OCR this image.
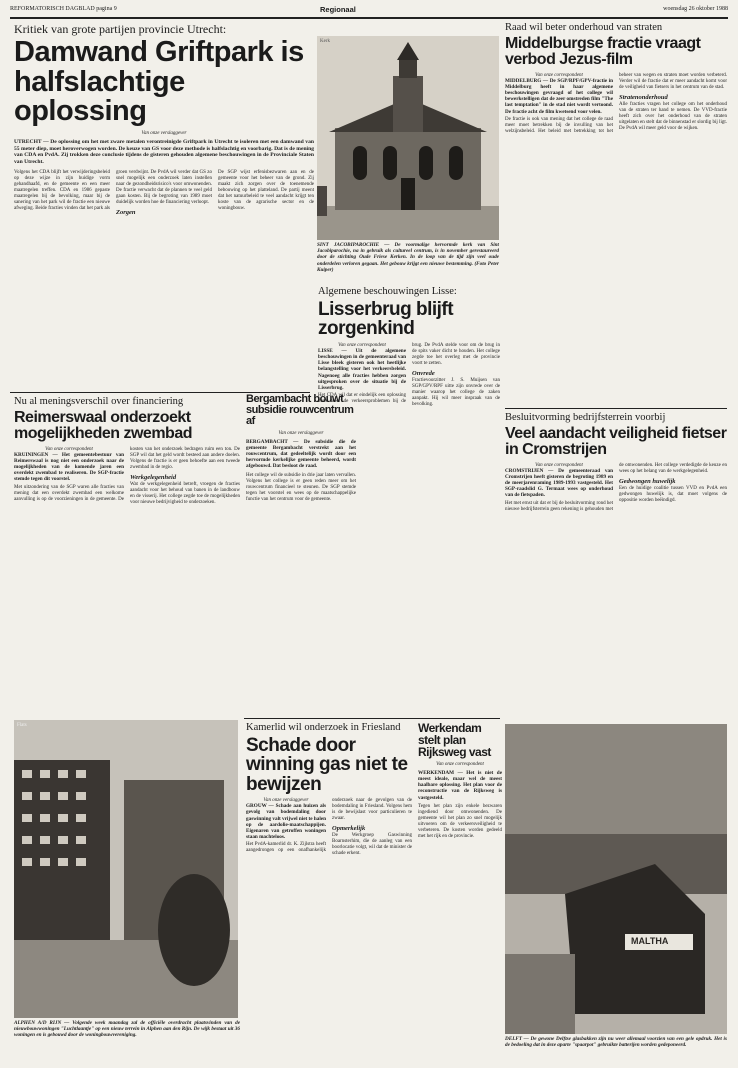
REFORMATORISCH DAGBLAD pagina 9	Regionaal	woensdag 26 oktober 1988
Kritiek van grote partijen provincie Utrecht:
Damwand Griftpark is halfslachtige oplossing
Van onze verslaggever
UTRECHT — De oplossing om het met zware metalen verontreinigde Griftpark in Utrecht te isoleren met een damwand van 55 meter diep, moet heroverwogen worden. De keuze van GS voor deze methode is halfslachtig en voorbarig. Dat is de mening van CDA en PvdA. Zij trokken deze conclusie tijdens de gisteren gehouden algemene beschouwingen in de Provinciale Staten van Utrecht.
Volgens het CDA blijft het verwijderingsbeleid op deze wijze in zijn huidige vorm gehandhaafd, en de gemeente en een meer maatregelen treffen. CDA en 1986 gepaste maatregelen bij de bevolking, maar bij de sanering van het park wil de fractie een nieuwe afweging. Beide fracties vinden dat het park als groen verdwijnt. De PvdA wil verder dat GS zo snel mogelijk een onderzoek laten instellen naar de gezondheidsrisico's voor omwonenden. De fractie verwacht dat de plannen te veel geld gaan kosten. Bij de begroting van 1989 moet duidelijk worden hoe de financiering verloopt.
Zorgen
De SGP wijst erfenisbezwaren aan en de gemeente voor het beheer van de grond. Zij maakt zich zorgen over de toenemende bebouwing op het platteland. De partij meent dat het natuurbeleid te veel aandacht krijgt ten koste van de agrarische sector en de woningbouw.
Kerk
SINT JACOBIPAROCHIE — De voormalige hervormde kerk van Sint Jacobiparochie, na in gebruik als cultureel centrum, is in november gerestaureerd door de stichting Oude Friese Kerken. In de loop van de tijd zijn veel oude onderdelen verloren gegaan. Het gebouw krijgt een nieuwe bestemming. (Foto Peter Kuiper)
Raad wil beter onderhoud van straten
Middelburgse fractie vraagt verbod Jezus-film
Van onze correspondent
MIDDELBURG — De SGP/RPF/GPV-fractie in Middelburg heeft in haar algemene beschouwingen gevraagd of het college wil bewerkstelligen dat de zeer omstreden film "The last temptation" in de stad niet wordt vertoond. De fractie acht de film kwetsend voor velen.
De fractie is ook van mening dat het college de raad meer moet betrekken bij de invulling van het welzijnsbeleid. Het beleid met betrekking tot het beheer van wegen en straten moet worden verbeterd. Verder wil de fractie dat er meer aandacht komt voor de veiligheid van fietsers in het centrum van de stad.
Stratenonderhoud
Alle fracties vragen het college om het onderhoud van de straten ter hand te nemen. De VVD-fractie heeft zich over het onderhoud van de straten uitgelaten en stelt dat de binnenstad er slordig bij ligt. De PvdA wil meer geld voor de wijken.
Nu al meningsverschil over financiering
Reimerswaal onderzoekt mogelijkheden zwembad
Van onze correspondent
KRUININGEN — Het gemeentebestuur van Reimerswaal is nog niet een onderzoek naar de mogelijkheden van de komende jaren een overdekt zwembad te realiseren. De SGP-fractie stemde tegen dit voorstel.
Met uitzondering van de SGP waren alle fracties van mening dat een overdekt zwembad een welkome aanvulling is op de voorzieningen in de gemeente. De kosten van het onderzoek bedragen ruim een ton. De SGP wil dat het geld wordt besteed aan andere doelen. Volgens de fractie is er geen behoefte aan een tweede zwembad in de regio.
Werkgelegenheid
Wat de werkgelegenheid betreft, vroegen de fracties aandacht voor het behoud van banen in de landbouw en de visserij. Het college zegde toe de mogelijkheden voor nieuwe bedrijvigheid te onderzoeken.
Bergambacht bouwt subsidie rouwcentrum af
Van onze verslaggever
BERGAMBACHT — De subsidie die de gemeente Bergambacht verstrekt aan het rouwcentrum, dat gedeeltelijk wordt door een hervormde kerkelijke gemeente beheerd, wordt afgebouwd. Dat besloot de raad.
Het college wil de subsidie in drie jaar laten vervallen. Volgens het college is er geen reden meer om het rouwcentrum financieel te steunen. De SGP stemde tegen het voorstel en wees op de maatschappelijke functie van het centrum voor de gemeente.
Algemene beschouwingen Lisse:
Lisserbrug blijft zorgenkind
Van onze correspondent
LISSE — Uit de algemene beschouwingen in de gemeenteraad van Lisse bleek gisteren ook het heetlijke belangstelling voor het verkeersbeleid. Nagenoeg alle fracties hebben zorgen uitgesproken over de situatie bij de Lisserbrug.
Het CDA wil dat er eindelijk een oplossing komt voor de verkeersproblemen bij de brug. De PvdA stelde voor om de brug in de spits vaker dicht te houden. Het college zegde toe het overleg met de provincie voort te zetten.
Onvrede
Fractievoorzitter J. S. Muijsen van SGP/GPV/RPF uitte zijn onvrede over de manier waarop het college de zaken aanpakt. Hij wil meer inspraak van de bevolking.
Besluitvorming bedrijfsterrein voorbij
Veel aandacht veiligheid fietser in Cromstrijen
Van onze correspondent
CROMSTRIJEN — De gemeenteraad van Cromstrijen heeft gisteren de begroting 1989 en de meerjarenraming 1989-1993 vastgesteld. Het SGP-raadslid G. Termaat wees op onderhoud van de fietspaden.
Het met ernst uit dat er bij de besluitvorming rond het nieuwe bedrijfsterrein geen rekening is gehouden met de omwonenden. Het college verdedigde de keuze en wees op het belang van de werkgelegenheid.
Gedwongen huwelijk
Een de huidige coalitie tussen VVD en PvdA een gedwongen huwelijk is, dat moet volgens de oppositie worden beëindigd.
Kamerlid wil onderzoek in Friesland
Schade door winning gas niet te bewijzen
Van onze verslaggever
GROUW — Schade aan huizen als gevolg van bodemdaling door gaswinning valt vrijwel niet te halen op de aardolie-maatschappijen. Eigenaren van getroffen woningen staan machteloos.
Het PvdA-kamerlid dr. K. Zijlstra heeft aangedrongen op een onafhankelijk onderzoek naar de gevolgen van de bodemdaling in Friesland. Volgens hem is de bewijslast voor particulieren te zwaar.
Opmerkelijk
De Werkgroep Gaswinning Boarnsterhim, die de aanleg van een boorlocatie volgt, wil dat de minister de schade erkent.
Flats
ALPHEN A/D RIJN — Volgende week maandag zal de officiële overdracht plaatsvinden van de nieuwbouwwoningen "Luchtlaantje" op een nieuw terrein in Alphen aan den Rijn. De wijk bestaat uit 36 woningen en is gebouwd door de woningbouwvereniging.
MALTHA
DELFT — De gewone Delftse glasbakken zijn nu weer allemaal voorzien van een gele opdruk. Het is de bedoeling dat in deze aparte "spaarpot" gebruikte batterijen worden gedeponeerd.
Werkendam stelt plan Rijksweg vast
Van onze correspondent
WERKENDAM — Het is niet de meest ideale, maar wel de meest haalbare oplossing. Het plan voor de reconstructie van de Rijksweg is vastgesteld.
Tegen het plan zijn enkele bezwaren ingediend door omwonenden. De gemeente wil het plan zo snel mogelijk uitvoeren om de verkeersveiligheid te verbeteren. De kosten worden gedeeld met het rijk en de provincie.
